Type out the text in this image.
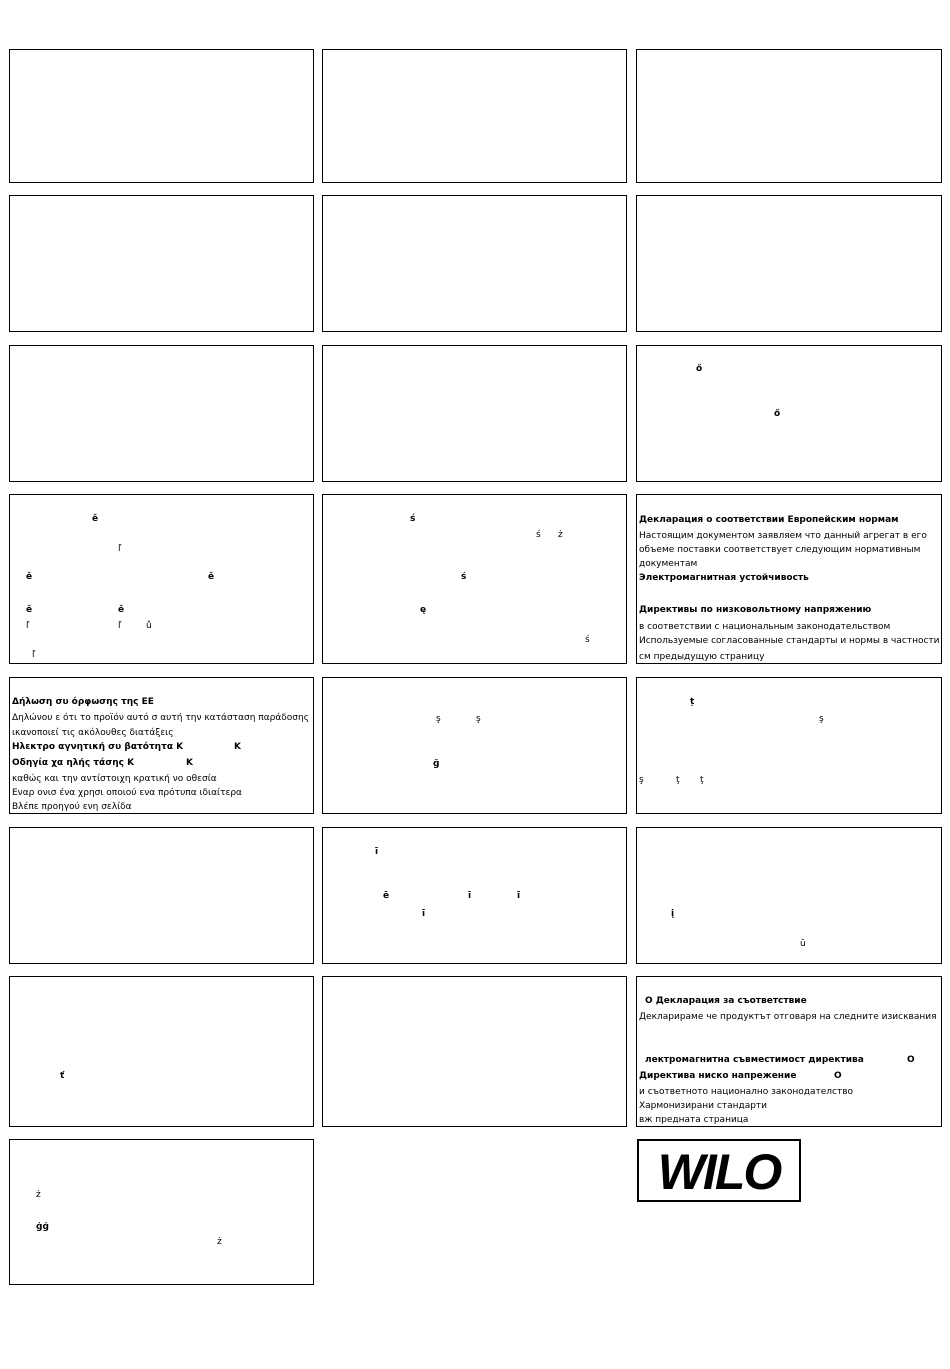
ő
ő
ě
ľ
ě	ě
ě	ě
ľ	ľ	ů
ľ
ś
ś ż
ś
ę
ś
Декларация о соответствии Европейским нормам
Настоящим документом заявляем что данный агрегат в его
объеме поставки соответствует следующим нормативным
документам
Электромагнитная устойчивость
Директивы по низковольтному напряжению
в соответствии с национальным законодательством
Используемые согласованные стандарты и нормы в частности
см предыдущую страницу
Δήλωση συ όρφωσης της ΕΕ
Δηλώνου ε ότι το προϊόν αυτό σ αυτή την κατάσταση παράδοσης
ικανοποιεί τις ακόλουθες διατάξεις
Ηλεκτρο αγνητική συ βατότητα Κ	Κ
Οδηγία χα ηλής τάσης Κ	Κ
καθώς και την αντίστοιχη κρατική νο οθεσία
Εναρ ονισ ένα χρησι οποιού ενα πρότυπα ιδιαίτερα
Βλέπε προηγού ενη σελίδα
ş	ş
ğ
ț
ş
ş	ţ ţ
ī
ē	ī	ī
ī	į
ū
ť
O Декларация за съответствие
Декларираме че продуктът отговаря на следните изисквания
лектромагнитна съвместимост директива	O
Директива ниско напрежение	O
и съответното национално законодателство
Хармонизирани стандарти
вж предната страница
ż
ģģ
ż
WILO
